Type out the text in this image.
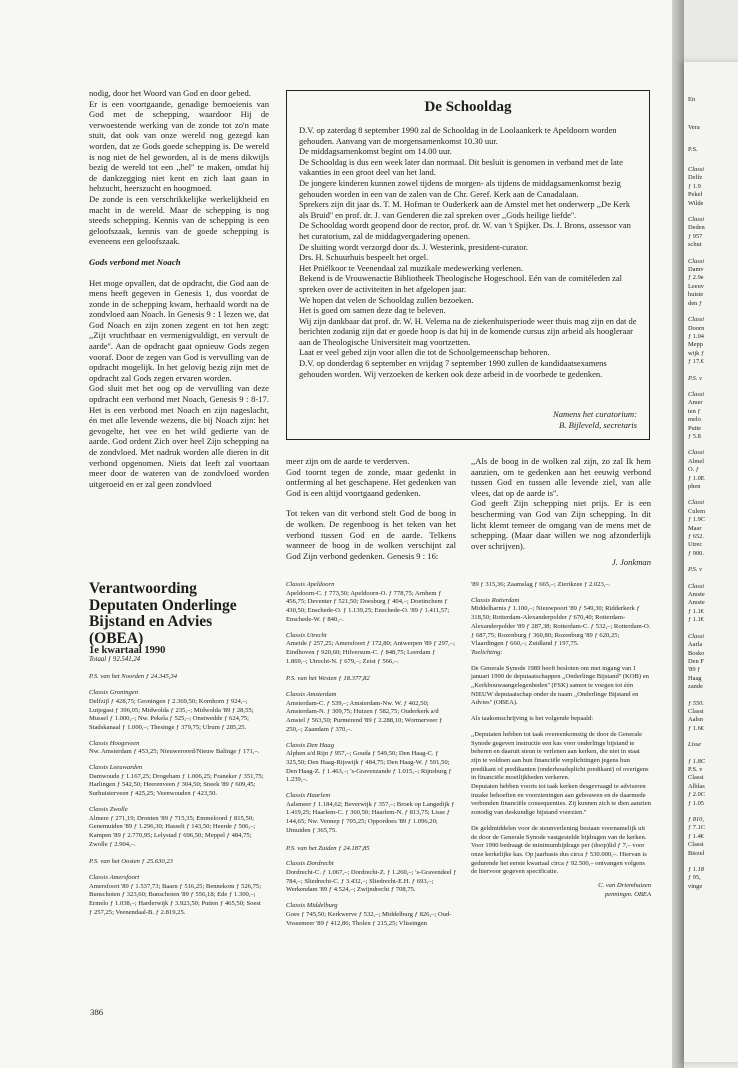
nodig, door het Woord van God en door gebed.

Er is een voortgaande, genadige bemoeienis van God met de schepping, waardoor Hij de verwoestende werking van de zonde tot zo'n mate stuit, dat ook van onze wereld nog gezegd kan worden, dat ze Gods goede schepping is. De wereld is nog niet de hel geworden, al is de mens dikwijls bezig de wereld tot een ,,hel'' te maken, omdat hij de dankzegging niet kent en zich laat gaan in hebzucht, heerszucht en hoogmoed.

De zonde is een verschrikkelijke werkelijkheid en macht in de wereld. Maar de schepping is nog steeds schepping. Kennis van de schepping is een geloofszaak, kennis van de goede schepping is eveneens een geloofszaak.

Gods verbond met Noach

Het moge opvallen, dat de opdracht, die God aan de mens heeft gegeven in Genesis 1, dus voordat de zonde in de schepping kwam, herhaald wordt na de zondvloed aan Noach. In Genesis 9 : 1 lezen we, dat God Noach en zijn zonen zegent en tot hen zegt: ,,Zijt vruchtbaar en vermenigvuldigt, en vervult de aarde''. Aan de opdracht gaat opnieuw Gods zegen vooraf. Door de zegen van God is vervulling van de opdracht mogelijk. In het gelovig bezig zijn met de opdracht zal Gods zegen ervaren worden.

God sluit met het oog op de vervulling van deze opdracht een verbond met Noach, Genesis 9 : 8-17. Het is een verbond met Noach en zijn nageslacht, én met alle levende wezens, die bij Noach zijn: het gevogelte, het vee en het wild gedierte van de aarde. God ordent Zich over heel Zijn schepping na de zondvloed. Met nadruk worden alle dieren in dit verbond opgenomen. Niets dat leeft zal voortaan meer door de wateren van de zondvloed worden uitgeroeid en er zal geen zondvloed

De Schooldag

D.V. op zaterdag 8 september 1990 zal de Schooldag in de Loolaankerk te Apeldoorn worden gehouden. Aanvang van de morgensamenkomst 10.30 uur.

De middagsamenkomst begint om 14.00 uur.

De Schooldag is dus een week later dan normaal. Dit besluit is genomen in verband met de late vakanties in een groot deel van het land.

De jongere kinderen kunnen zowel tijdens de morgen- als tijdens de middagsamenkomst bezig gehouden worden in een van de zalen van de Chr. Geref. Kerk aan de Canadalaan.

Sprekers zijn dit jaar ds. T. M. Hofman te Ouderkerk aan de Amstel met het onderwerp ,,De Kerk als Bruid'' en prof. dr. J. van Genderen die zal spreken over ,,Gods heilige liefde''.

De Schooldag wordt geopend door de rector, prof. dr. W. van 't Spijker. Ds. J. Brons, assessor van het curatorium, zal de middagvergadering openen.

De sluiting wordt verzorgd door ds. J. Westerink, president-curator.

Drs. H. Schuurhuis bespeelt het orgel.

Het Pniëlkoor te Veenendaal zal muzikale medewerking verlenen.

Bekend is de Vrouwenactie Bibliotheek Theologische Hogeschool. Eén van de comitéleden zal spreken over de activiteiten in het afgelopen jaar.

We hopen dat velen de Schooldag zullen bezoeken.

Het is goed om samen deze dag te beleven.

Wij zijn dankbaar dat prof. dr. W. H. Velema na de ziekenhuisperiode weer thuis mag zijn en dat de berichten zodanig zijn dat er goede hoop is dat hij in de komende cursus zijn arbeid als hoogleraar aan de Theologische Universiteit mag voortzetten.

Laat er veel gebed zijn voor allen die tot de Schoolgemeenschap behoren.

D.V. op donderdag 6 september en vrijdag 7 september 1990 zullen de kandidaatsexamens gehouden worden. Wij verzoeken de kerken ook deze arbeid in de voorbede te gedenken.

Namens het curatorium:
B. Bijleveld, secretaris

meer zijn om de aarde te verderven.

God toornt tegen de zonde, maar gedenkt in ontferming al het geschapene. Het gedenken van God is een altijd voortgaand gedenken.

Tot teken van dit verbond stelt God de boog in de wolken. De regenboog is het teken van het verbond tussen God en de aarde. Telkens wanneer de boog in de wolken verschijnt zal God Zijn verbond gedenken. Genesis 9 : 16:

,,Als de boog in de wolken zal zijn, zo zal Ik hem aanzien, om te gedenken aan het eeuwig verbond tussen God en tussen alle levende ziel, van alle vlees, dat op de aarde is''.

God geeft Zijn schepping niet prijs. Er is een bescherming van God van Zijn schepping. In dit licht klemt temeer de omgang van de mens met de schepping. (Maar daar willen we nog afzonderlijk over schrijven).

J. Jonkman

Verantwoording Deputaten Onderlinge Bijstand en Advies (OBEA)

1e kwartaal 1990

Totaal ƒ 92.541,24

P.S. van het Noorden ƒ 24.345,34

Classis Groningen

Delfzijl ƒ 428,75; Groningen ƒ 2.369,50; Kornhorn ƒ 924,–; Lutjegast ƒ 396,05; Midwolda ƒ 235,–; Midwolda '89 ƒ 28,55; Mussel ƒ 1.000,–; Nw. Pekela ƒ 525,–; Onstwedde ƒ 624,75; Stadskanaal ƒ 1.000,–; Thesinge ƒ 379,75; Ulrum ƒ 285,25.

Classis Hoogeveen

Nw. Amsterdam ƒ 453,25; Nieuweroord/Nieuw Balinge ƒ 171,–.

Classis Leeuwarden

Damwoude ƒ 1.167,25; Drogeham ƒ 1.006,25; Franeker ƒ 351,75; Harlingen ƒ 542,50; Heerenveen ƒ 304,50; Sneek '89 ƒ 609,45; Surhuisterveen ƒ 425,25; Veenwouden ƒ 423,50.

Classis Zwolle

Almere ƒ 271,19; Dronten '89 ƒ 715,35; Emmeloord ƒ 815,50; Genemuiden '89 ƒ 1.296,30; Hasselt ƒ 143,50; Heerde ƒ 506,–; Kampen '89 ƒ 2.770,95; Lelystad ƒ 696,50; Meppel ƒ 484,75; Zwolle ƒ 2.904,–.

P.S. van het Oosten ƒ 25.630,23

Classis Amersfoort

Amersfoort '89 ƒ 1.537,73; Baarn ƒ 516,25; Bennekom ƒ 526,75; Bunschoten ƒ 323,60; Bunschoten '89 ƒ 556,18; Ede ƒ 1.300,–; Ermelo ƒ 1.038,–; Harderwijk ƒ 3.923,50; Putten ƒ 465,50; Soest ƒ 257,25; Veenendaal-B. ƒ 2.819,25.

Classis Apeldoorn

Apeldoorn-C. ƒ 773,50; Apeldoorn-O. ƒ 778,75; Arnhem ƒ 456,75; Deventer ƒ 521,50; Doesburg ƒ 404,–; Doetinchem ƒ 430,50; Enschede-O. ƒ 1.139,25; Enschede-O. '89 ƒ 1.411,57; Enschede-W. ƒ 840,–.

Classis Utrecht

Ameide ƒ 257,25; Amersfoort ƒ 172,80; Antwerpen '89 ƒ 297,–; Eindhoven ƒ 920,60; Hilversum-C. ƒ 848,75; Leerdam ƒ 1.869,–; Utrecht-N. ƒ 679,–; Zeist ƒ 566,–.

P.S. van het Westen ƒ 18.377,82

Classis Amsterdam

Amsterdam-C. ƒ 539,–; Amsterdam-Nw. W. ƒ 402,50; Amsterdam-N. ƒ 309,75; Huizen ƒ 582,75; Ouderkerk a/d Amstel ƒ 563,50; Purmerend '89 ƒ 2.288,10; Wormerveer ƒ 250,–; Zaandam ƒ 370,–.

Classis Den Haag

Alphen a/d Rijn ƒ 957,–; Gouda ƒ 549,50; Den Haag-C. ƒ 325,50; Den Haag-Rijswijk ƒ 484,75; Den Haag-W. ƒ 591,50; Den Haag-Z. ƒ 1.463,–; 's-Gravenzande ƒ 1.015,–; Rijnsburg ƒ 1.239,–.

Classis Haarlem

Aalsmeer ƒ 1.184,62; Beverwijk ƒ 357,–; Broek op Langedijk ƒ 1.419,25; Haarlem-C. ƒ 360,50; Haarlem-N. ƒ 813,75; Lisse ƒ 144,65; Nw. Vennep ƒ 705,25; Oppordoes '89 ƒ 1.096,20; IJmuiden ƒ 365,75.

P.S. van het Zuiden ƒ 24.187,85

Classis Dordrecht

Dordrecht-C. ƒ 1.067,–; Dordrecht-Z. ƒ 1.260,–; 's-Gravendeel ƒ 784,–; Sliedrecht-C. ƒ 3.432,–; Sliedrecht-E.H. ƒ 693,–; Werkendam '89 ƒ 4.524,–; Zwijndrecht ƒ 708,75.

Classis Middelburg

Goes ƒ 745,50; Kerkwerve ƒ 532,–; Middelburg ƒ 826,–; Oud-Vossemeer '89 ƒ 412,86; Tholen ƒ 215,25; Vlissingen

'89 ƒ 315,36; Zaamslag ƒ 665,–; Zierikzee ƒ 2.023,–.

Classis Rotterdam

Middelharnis ƒ 1.100,–; Nieuwpoort '89 ƒ 549,30; Ridderkerk ƒ 318,50; Rotterdam-Alexanderpolder ƒ 670,40; Rotterdam-Alexanderpolder '89 ƒ 287,38; Rotterdam-C. ƒ 532,–; Rotterdam-O. ƒ 687,75; Rozenburg ƒ 360,80; Rozenburg '89 ƒ 620,25; Vlaardingen ƒ 660,–; Zuidland ƒ 197,75.

Toelichting:

De Generale Synode 1989 heeft besloten om met ingang van 1 januari 1990 de deputaatschappen ,,Onderlinge Bijstand'' (KOB) en ,,Kerkbouwaangelegenheden'' (FSK) samen te voegen tot één NIEUW deputaatschap onder de naam ,,Onderlinge Bijstand en Advies'' (OBEA).

Als taakomschrijving is het volgende bepaald:

,,Deputaten hebben tot taak overeenkomstig de door de Generale Synode gegeven instructie een kas voor onderlinge bijstand te beheren en daaruit steun te verlenen aan kerken, die niet in staat zijn te voldoen aan hun financiële verplichtingen jegens hun predikant of predikanten (onderhoudsplicht predikant) of overigens in financiële moeilijkheden verkeren.

Deputaten hebben voorts tot taak kerken desgevraagd te adviseren inzake behoeften en voorzieningen aan gebouwen en de daarmede verbonden financiële consequenties. Zij kunnen zich te dien aanzien zonodig van deskundige bijstand voorzien.''

De geldmiddelen voor de steunverlening bestaan voornamelijk uit de door de Generale Synode vastgestelde bijdragen van de kerken. Voor 1990 bedraagt de minimumbijdrage per (doop)lid ƒ 7,– voor onze kerkelijke kas. Op jaarbasis dus circa ƒ 530.000,–. Hiervan is gedurende het eerste kwartaal circa ƒ 92.500,– ontvangen volgens de hiervoor gegeven specificatie.

C. van Driemhuizen

penningm. OBEA

386
En
Vera
P.S.
Classi
Delfz
ƒ 1.9
Pekel
Wilde
Classi
Deden
ƒ 957
schut
Classi
Damv
ƒ 2.9e
Leeuv
huiste
den ƒ
Classi
Doorn
ƒ 1.04
Mepp
wijk ƒ
ƒ 17.€
P.S. v
Classi
Amer
ten ƒ
melo
Putte
ƒ 5.8
Classi
Almel
O. ƒ
ƒ 1.0E
phen
Classi
Culem
ƒ 1.9C
Maar
ƒ 652.
Utrec
ƒ 900.
P.S. v
Classi
Amste
Amste
ƒ 1.1€
ƒ 1.1€
Classi
Aarla
Bosko
Den F
'89 ƒ
Haag
zande
ƒ 550.
Classi
Aalsn
ƒ 1.6€
Lisse
ƒ 1.8C
P.S. v
Classi
Alblas
ƒ 2.0C
ƒ 1.05
ƒ 810,
ƒ 7.1C
ƒ 1.4€
Classi
Biezel
ƒ 1.18
ƒ 95,
vinge
